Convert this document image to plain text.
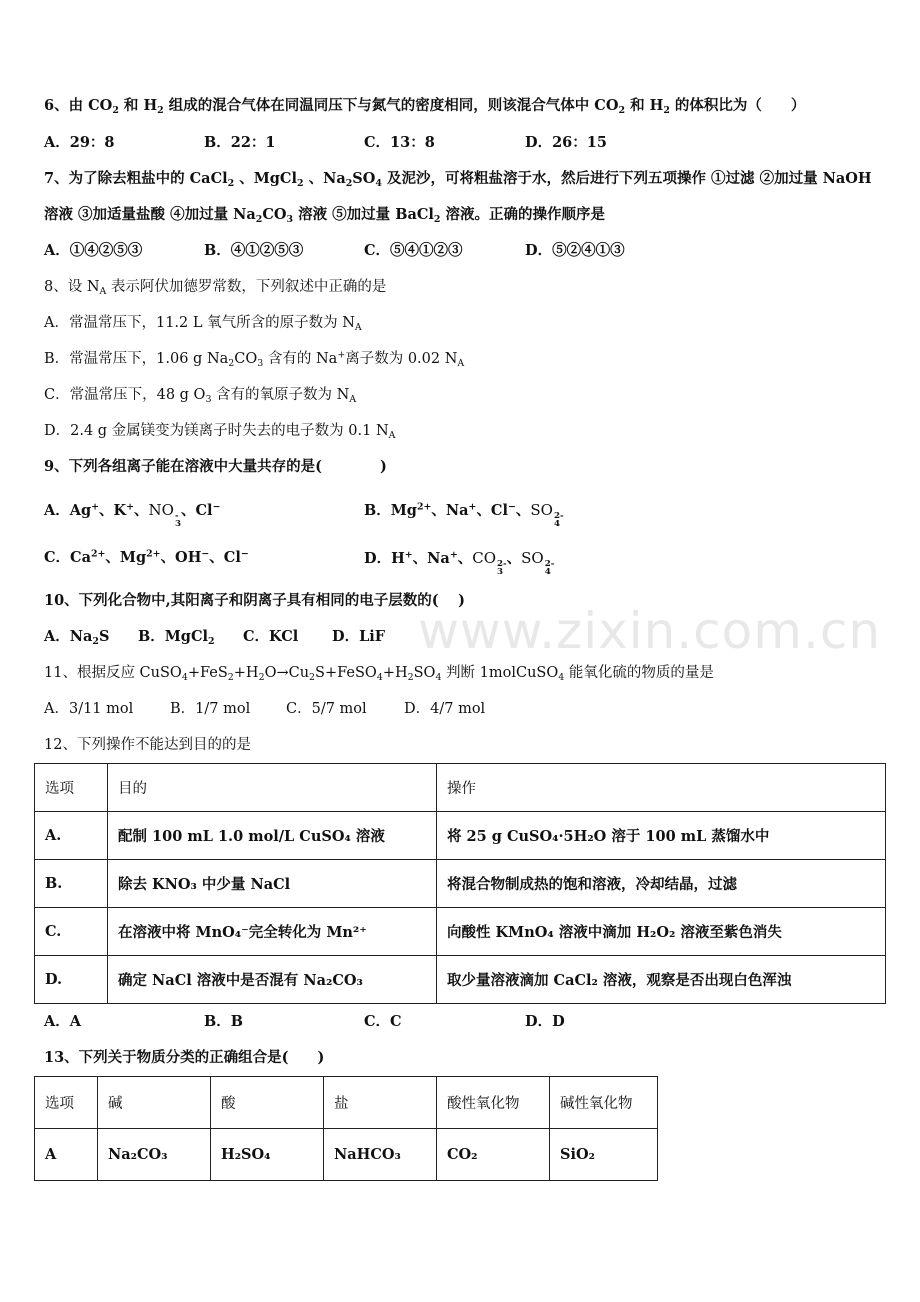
www.zixin.com.cn
6、由 $CO_2$ 和 $H_2$ 组成的混合气体在同温同压下与氮气的密度相同，则该混合气体中 $CO_2$ 和 $H_2$ 的体积比为（　　）
A．29：8	B．22：1	C．13：8	D．26：15
7、为了除去粗盐中的 CaCl$_2$ 、MgCl$_2$ 、$Na_2SO_4$ 及泥沙，可将粗盐溶于水，然后进行下列五项操作 ①过滤 ②加过量 NaOH
溶液 ③加适量盐酸 ④加过量 $Na_2CO_3$ 溶液 ⑤加过量 BaCl$_2$ 溶液。正确的操作顺序是
A．①④②⑤③	B．④①②⑤③	C．⑤④①②③	D．⑤②④①③
8、设 $N_A$ 表示阿伏加德罗常数，下列叙述中正确的是
A．常温常压下，11.2 L 氧气所含的原子数为 $N_A$
B．常温常压下，1.06 g $Na_2CO_3$ 含有的 Na+离子数为 0.02 $N_A$
C．常温常压下，48 g $O_3$ 含有的氧原子数为 $N_A$
D．2.4 g 金属镁变为镁离子时失去的电子数为 0.1 $N_A$
9、下列各组离子能在溶液中大量共存的是(　　　　)
A．Ag+、K+、NO -
3
、Cl−	B．$Mg^{2+}$、Na+、Cl−、SO 2-
4
C．$Ca^{2+}$、$Mg^{2+}$、OH−、Cl−	D．H+、Na+、CO 2-
3
、SO 2-
4
10、下列化合物中,其阳离子和阴离子具有相同的电子层数的(　 )
A．$Na_2S$ B．MgCl$_2$ C．KCl D．LiF
11、根据反应 $CuSO_4+FeS_2+H_2O\to Cu_2S+FeSO_4+H_2SO_4$ 判断 1molCuSO$_4$ 能氧化硫的物质的量是
A．3/11 mol	B．1/7 mol C．5/7 mol	D．4/7 mol
12、下列操作不能达到目的的是
选项	目的	操作
A.	配制 100 mL 1.0 mol/L CuSO₄ 溶液	将 25 g CuSO₄·5H₂O 溶于 100 mL 蒸馏水中
B.	除去 KNO₃ 中少量 NaCl	将混合物制成热的饱和溶液，冷却结晶，过滤
C.	在溶液中将 MnO₄⁻完全转化为 Mn²⁺	向酸性 KMnO₄ 溶液中滴加 H₂O₂ 溶液至紫色消失
D.	确定 NaCl 溶液中是否混有 Na₂CO₃	取少量溶液滴加 CaCl₂ 溶液，观察是否出现白色浑浊
A．A	B．B	C．C	D．D
13、下列关于物质分类的正确组合是(　　)
选项	碱	酸	盐	酸性氧化物	碱性氧化物
A	Na₂CO₃	H₂SO₄	NaHCO₃	CO₂	SiO₂
